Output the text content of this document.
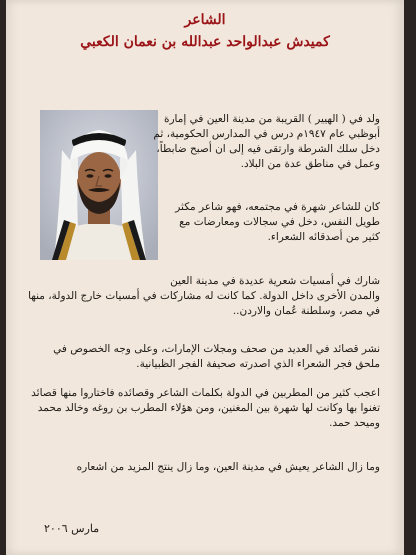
الشاعر
كميدش عبدالواحد عبدالله بن نعمان الكعبي
ولد في ( الهيير ) القريبة من مدينة العين في إمارة
أبوظبي عام ١٩٤٧م درس في المدارس الحكومية، ثم
دخل سلك الشرطة وارتقى فيه إلى ان أصبح ضابطاً،
وعمل في مناطق عدة من البلاد.
كان للشاعر شهرة في مجتمعه، فهو شاعر مكثر
طويل النفس، دخل في سجالات ومعارضات مع
كثير من أصدقائه الشعراء.
شارك في أمسيات شعرية عديدة في مدينة العين
والمدن الأخرى داخل الدولة. كما كانت له مشاركات في أمسيات خارج الدولة، منها
في مصر، وسلطنة عُمان والاردن..
نشر قصائد في العديد من صحف ومجلات الإمارات، وعلى وجه الخصوص في
ملحق فجر الشعراء الذي اصدرته صحيفة الفجر الظبيانية.
اعجب كثير من المطربين في الدولة بكلمات الشاعر وقصائده فاختاروا منها قصائد
تغنوا بها وكانت لها شهرة بين المغنين، ومن هؤلاء المطرب بن روغه وخالد محمد
وميحد حمد.
وما زال الشاعر يعيش في مدينة العين، وما زال ينتج المزيد من اشعاره
مارس ٢٠٠٦
